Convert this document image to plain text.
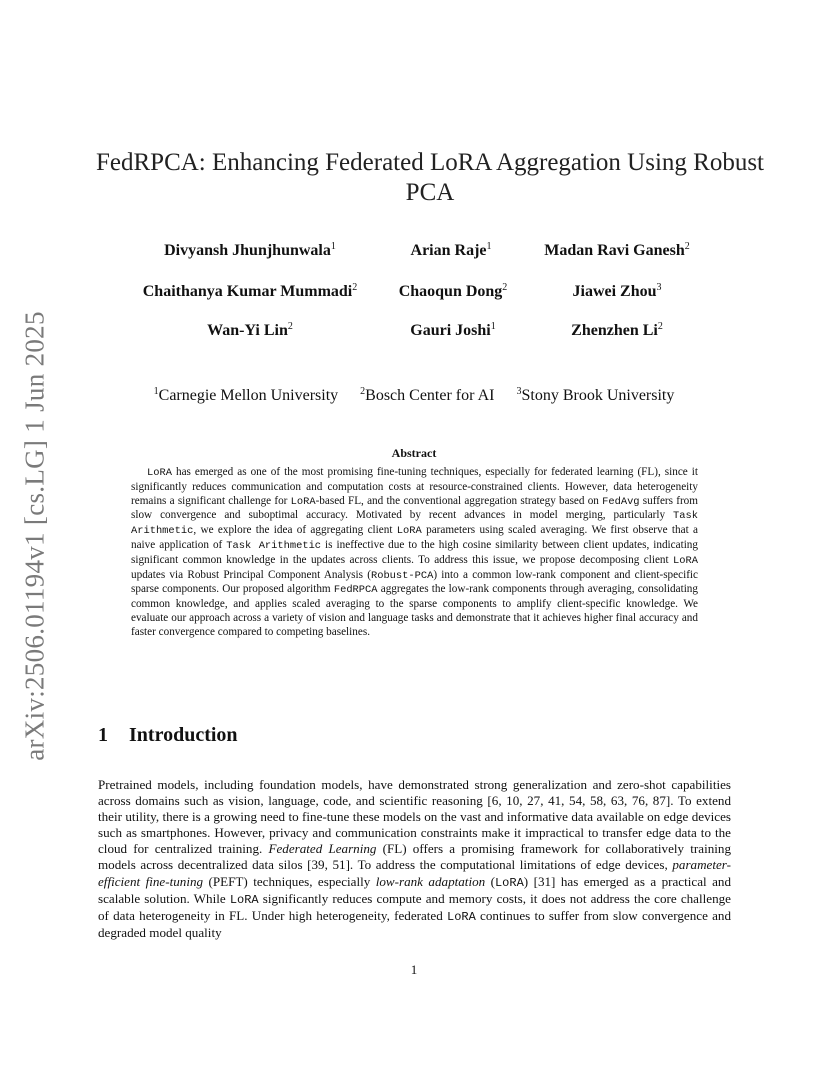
arXiv:2506.01194v1 [cs.LG] 1 Jun 2025
FedRPCA: Enhancing Federated LoRA Aggregation Using Robust PCA
Divyansh Jhunjhunwala$^1$	Arian Raje$^1$	Madan Ravi Ganesh$^2$
Chaithanya Kumar Mummadi$^2$	Chaoqun Dong$^2$	Jiawei Zhou$^3$
Wan-Yi Lin$^2$	Gauri Joshi$^1$	Zhenzhen Li$^2$
$^1$Carnegie Mellon University $^2$Bosch Center for AI $^3$Stony Brook University
Abstract
LoRA has emerged as one of the most promising fine-tuning techniques, especially for federated learning (FL), since it significantly reduces communication and computation costs at resource-constrained clients. However, data heterogeneity remains a significant challenge for LoRA-based FL, and the conventional aggregation strategy based on FedAvg suffers from slow convergence and suboptimal accuracy. Motivated by recent advances in model merging, particularly Task Arithmetic, we explore the idea of aggregating client LoRA parameters using scaled averaging. We first observe that a naive application of Task Arithmetic is ineffective due to the high cosine similarity between client updates, indicating significant common knowledge in the updates across clients. To address this issue, we propose decomposing client LoRA updates via Robust Principal Component Analysis (Robust-PCA) into a common low-rank component and client-specific sparse components. Our proposed algorithm FedRPCA aggregates the low-rank components through averaging, consolidating common knowledge, and applies scaled averaging to the sparse components to amplify client-specific knowledge. We evaluate our approach across a variety of vision and language tasks and demonstrate that it achieves higher final accuracy and faster convergence compared to competing baselines.
1 Introduction
Pretrained models, including foundation models, have demonstrated strong generalization and zero-shot capabilities across domains such as vision, language, code, and scientific reasoning [6, 10, 27, 41, 54, 58, 63, 76, 87]. To extend their utility, there is a growing need to fine-tune these models on the vast and informative data available on edge devices such as smartphones. However, privacy and communication constraints make it impractical to transfer edge data to the cloud for centralized training. Federated Learning (FL) offers a promising framework for collaboratively training models across decentralized data silos [39, 51]. To address the computational limitations of edge devices, parameter-efficient fine-tuning (PEFT) techniques, especially low-rank adaptation (LoRA) [31] has emerged as a practical and scalable solution. While LoRA significantly reduces compute and memory costs, it does not address the core challenge of data heterogeneity in FL. Under high heterogeneity, federated LoRA continues to suffer from slow convergence and degraded model quality
1
